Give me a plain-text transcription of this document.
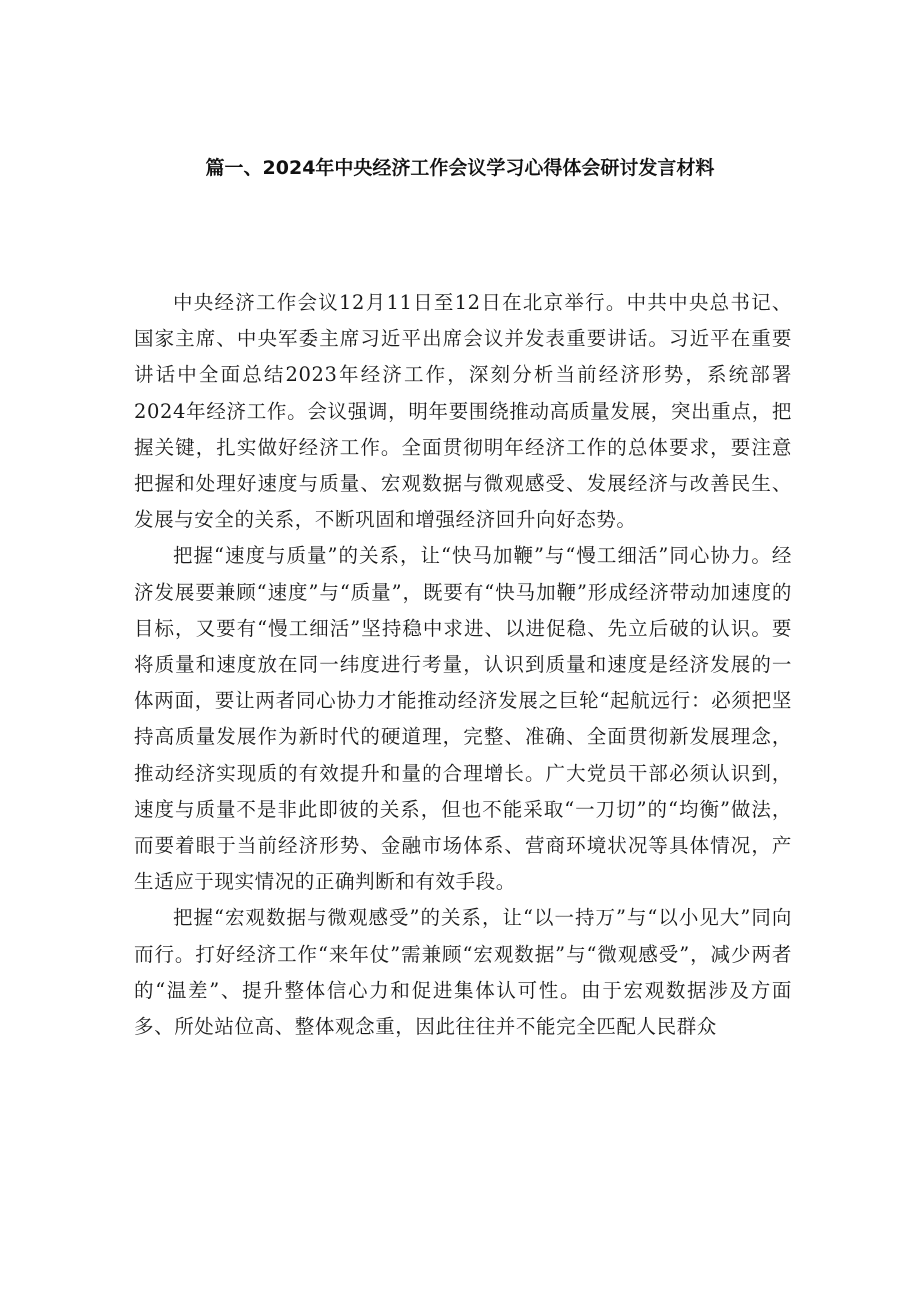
篇一、2024年中央经济工作会议学习心得体会研讨发言材料

中央经济工作会议12月11日至12日在北京举行。中共中央总书记、国家主席、中央军委主席习近平出席会议并发表重要讲话。习近平在重要讲话中全面总结2023年经济工作，深刻分析当前经济形势，系统部署2024年经济工作。会议强调，明年要围绕推动高质量发展，突出重点，把握关键，扎实做好经济工作。全面贯彻明年经济工作的总体要求，要注意把握和处理好速度与质量、宏观数据与微观感受、发展经济与改善民生、发展与安全的关系，不断巩固和增强经济回升向好态势。

把握“速度与质量”的关系，让“快马加鞭”与“慢工细活”同心协力。经济发展要兼顾“速度”与“质量”，既要有“快马加鞭”形成经济带动加速度的目标，又要有“慢工细活”坚持稳中求进、以进促稳、先立后破的认识。要将质量和速度放在同一纬度进行考量，认识到质量和速度是经济发展的一体两面，要让两者同心协力才能推动经济发展之巨轮“起航远行：必须把坚持高质量发展作为新时代的硬道理，完整、准确、全面贯彻新发展理念，推动经济实现质的有效提升和量的合理增长。广大党员干部必须认识到，速度与质量不是非此即彼的关系，但也不能采取“一刀切”的“均衡”做法，而要着眼于当前经济形势、金融市场体系、营商环境状况等具体情况，产生适应于现实情况的正确判断和有效手段。

把握“宏观数据与微观感受”的关系，让“以一持万”与“以小见大”同向而行。打好经济工作“来年仗”需兼顾“宏观数据”与“微观感受”，减少两者的“温差”、提升整体信心力和促进集体认可性。由于宏观数据涉及方面多、所处站位高、整体观念重，因此往往并不能完全匹配人民群众
